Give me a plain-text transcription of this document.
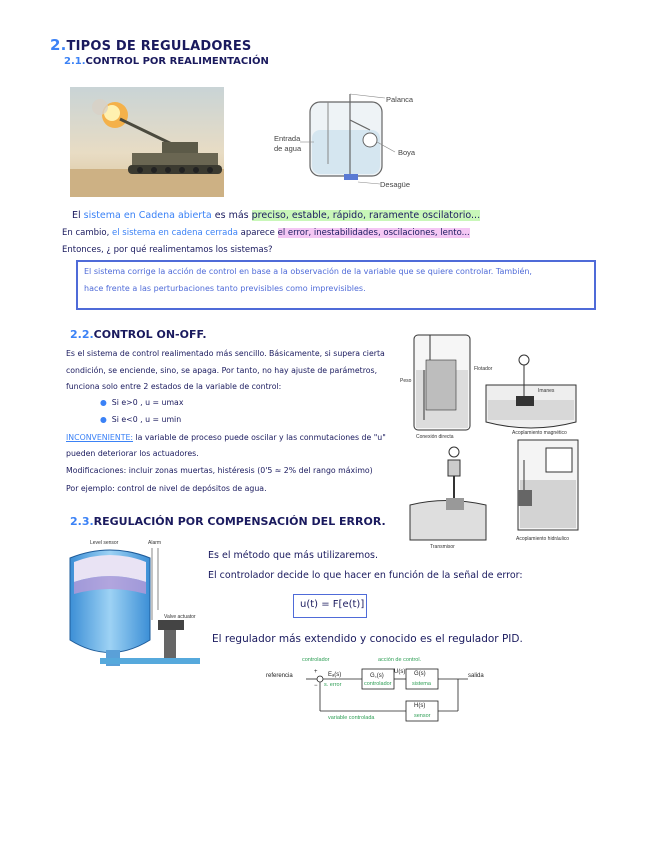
2.TIPOS DE REGULADORES
2.1.CONTROL POR REALIMENTACIÓN
Palanca
Entrada
de agua	Boya
Desagüe
El sistema en Cadena abierta es más preciso, estable, rápido, raramente oscilatorio...
En cambio, el sistema en cadena cerrada aparece el error, inestabilidades, oscilaciones, lento...
Entonces, ¿ por qué realimentamos los sistemas?
El sistema corrige la acción de control en base a la observación de la variable que se quiere controlar. También,
hace frente a las perturbaciones tanto previsibles como imprevisibles.
2.2.CONTROL ON-OFF.
Es el sistema de control realimentado más sencillo. Básicamente, si supera cierta
condición, se enciende, sino, se apaga. Por tanto, no hay ajuste de parámetros,
funciona solo entre 2 estados de la variable de control:
●  Si e>0 , u = umax
●  Si e<0 , u = umin
INCONVENIENTE: la variable de proceso puede oscilar y las conmutaciones de "u"
pueden deteriorar los actuadores.
Modificaciones: incluir zonas muertas, histéresis (0'5 ≈ 2% del rango máximo)
Por ejemplo: control de nivel de depósitos de agua.
Flotador
Peso
Imanes
Acoplamiento magnético
Conexión directa
Transmisor
Acoplamiento hidráulico
2.3.REGULACIÓN POR COMPENSACIÓN DEL ERROR.
Level sensor	Alarm
Valve actuator
Es el método que más utilizaremos.
El controlador decide lo que hacer en función de la señal de error:
u(t) = F[e(t)]
El regulador más extendido y conocido es el regulador PID.
controlador	acción de control.
referencia
+
−
Eₐ(s)
s. error
G꜀(s)
controlador
U(s) G(s)
sistema
salida
H(s)
sensor
variable controlada
